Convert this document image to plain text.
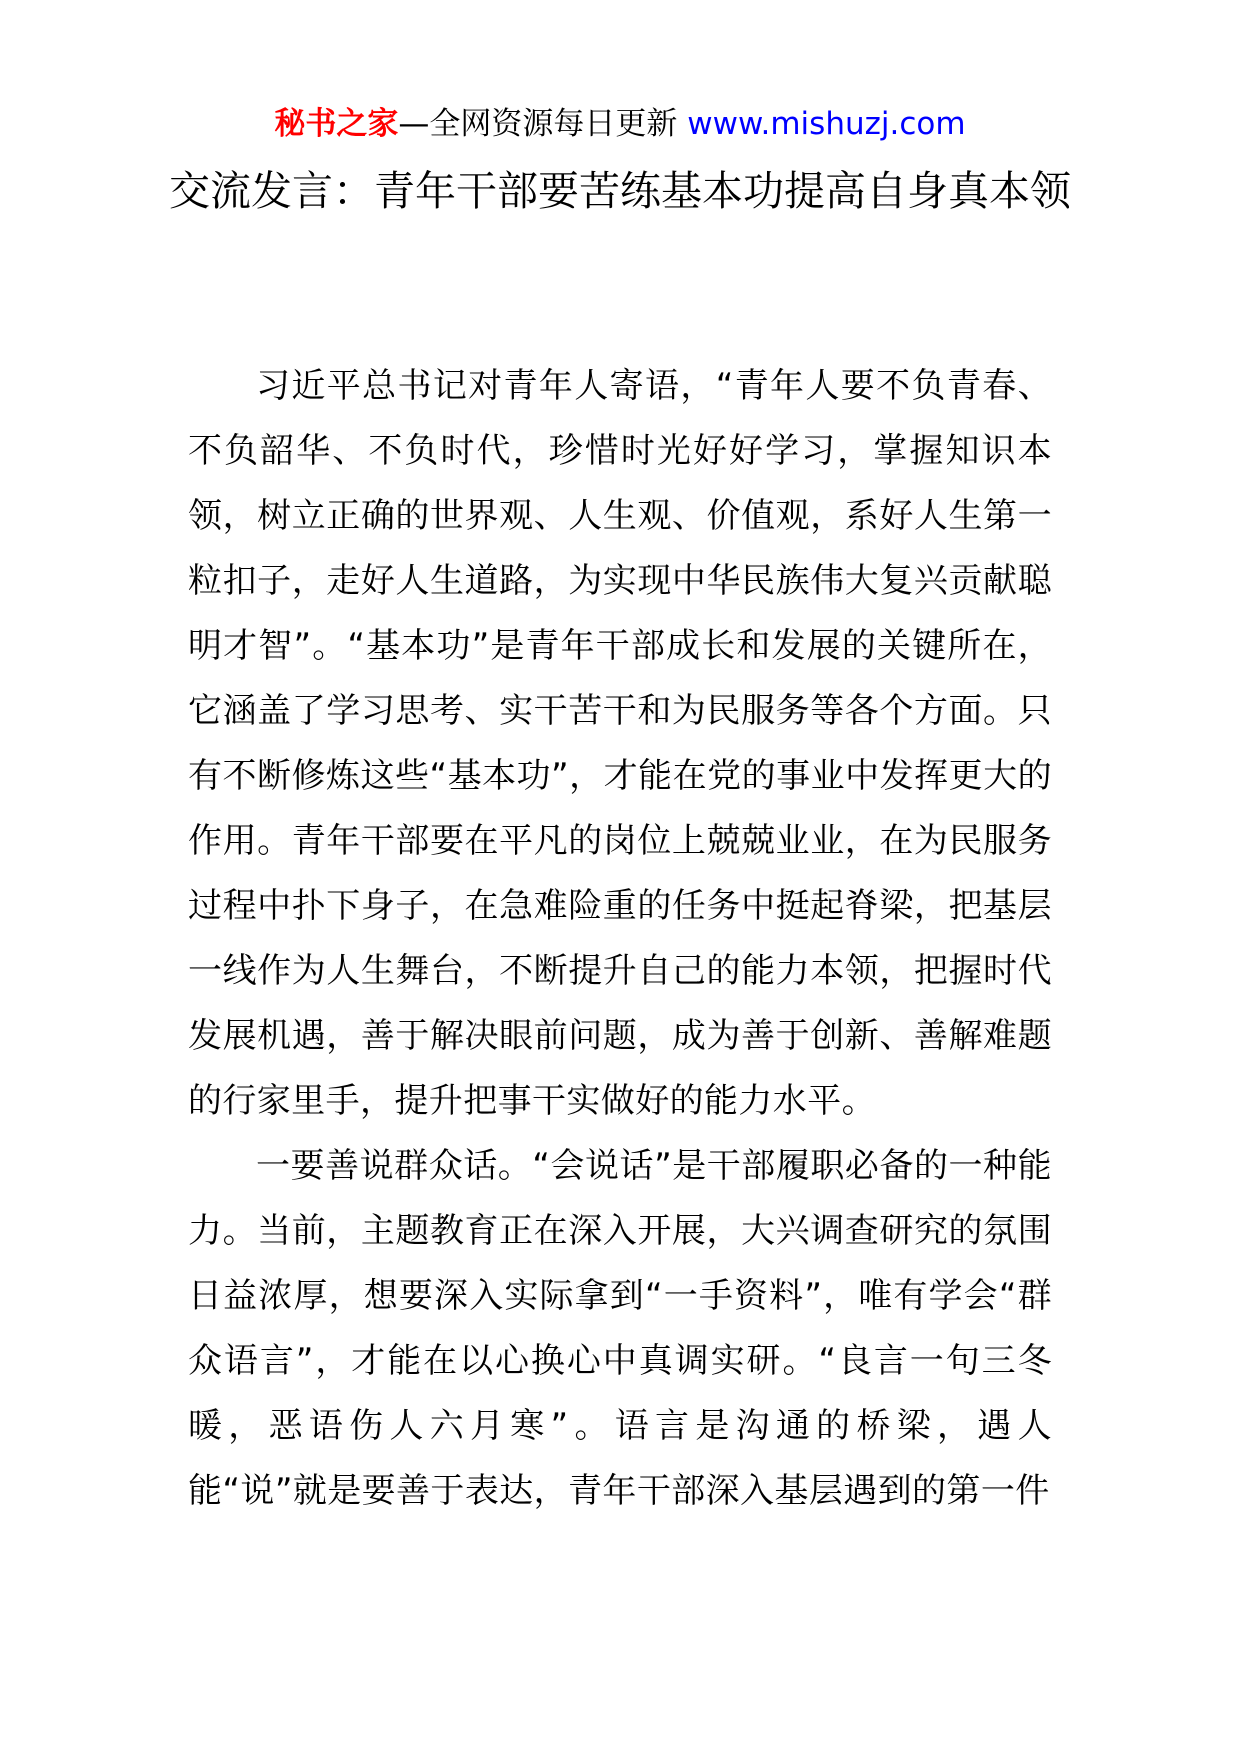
秘书之家—全网资源每日更新 www.mishuzj.com
交流发言：青年干部要苦练基本功提高自身真本领

习近平总书记对青年人寄语，“青年人要不负青春、不负韶华、不负时代，珍惜时光好好学习，掌握知识本领，树立正确的世界观、人生观、价值观，系好人生第一粒扣子，走好人生道路，为实现中华民族伟大复兴贡献聪明才智”。“基本功”是青年干部成长和发展的关键所在，它涵盖了学习思考、实干苦干和为民服务等各个方面。只有不断修炼这些“基本功”，才能在党的事业中发挥更大的作用。青年干部要在平凡的岗位上兢兢业业，在为民服务过程中扑下身子，在急难险重的任务中挺起脊梁，把基层一线作为人生舞台，不断提升自己的能力本领，把握时代发展机遇，善于解决眼前问题，成为善于创新、善解难题的行家里手，提升把事干实做好的能力水平。

一要善说群众话。“会说话”是干部履职必备的一种能力。当前，主题教育正在深入开展，大兴调查研究的氛围日益浓厚，想要深入实际拿到“一手资料”，唯有学会“群众语言”，才能在以心换心中真调实研。“良言一句三冬暖，恶语伤人六月寒”。语言是沟通的桥梁，遇人能“说”就是要善于表达，青年干部深入基层遇到的第一件
